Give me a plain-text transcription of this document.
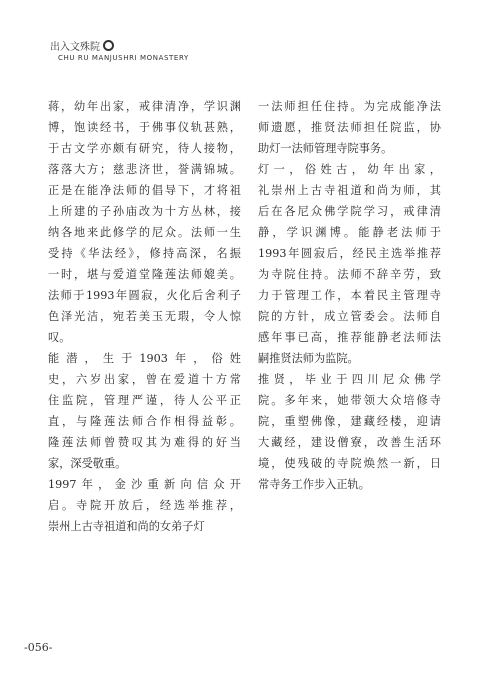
出入文殊院
CHU RU MANJUSHRI MONASTERY

蒋，幼年出家，戒律清净，学识渊
博，饱读经书，于佛事仪轨甚熟，
于古文学亦颇有研究，待人接物，
落落大方；慈悲济世，誉满锦城。
正是在能净法师的倡导下，才将祖
上所建的子孙庙改为十方丛林，接
纳各地来此修学的尼众。法师一生
受持《华法经》，修持高深，名振
一时，堪与爱道堂隆莲法师媲美。
法师于1993年圆寂，火化后舍利子
色泽光洁，宛若美玉无瑕，令人惊
叹。

能潜，生于1903年，俗姓
史，六岁出家，曾在爱道十方常
住监院，管理严谨，待人公平正
直，与隆莲法师合作相得益彰。
隆莲法师曾赞叹其为难得的好当
家，深受敬重。

1997年，金沙重新向信众开
启。寺院开放后，经选举推荐，
崇州上古寺祖道和尚的女弟子灯

一法师担任住持。为完成能净法
师遗愿，推贤法师担任院监，协
助灯一法师管理寺院事务。

灯一，俗姓古，幼年出家，
礼崇州上古寺祖道和尚为师，其
后在各尼众佛学院学习，戒律清
静，学识渊博。能静老法师于
1993年圆寂后，经民主选举推荐
为寺院住持。法师不辞辛劳，致
力于管理工作，本着民主管理寺
院的方针，成立管委会。法师自
感年事已高，推荐能静老法师法
嗣推贤法师为监院。

推贤，毕业于四川尼众佛学
院。多年来，她带领大众培修寺
院，重塑佛像，建藏经楼，迎请
大藏经，建设僧寮，改善生活环
境，使残破的寺院焕然一新，日
常寺务工作步入正轨。

-056-
